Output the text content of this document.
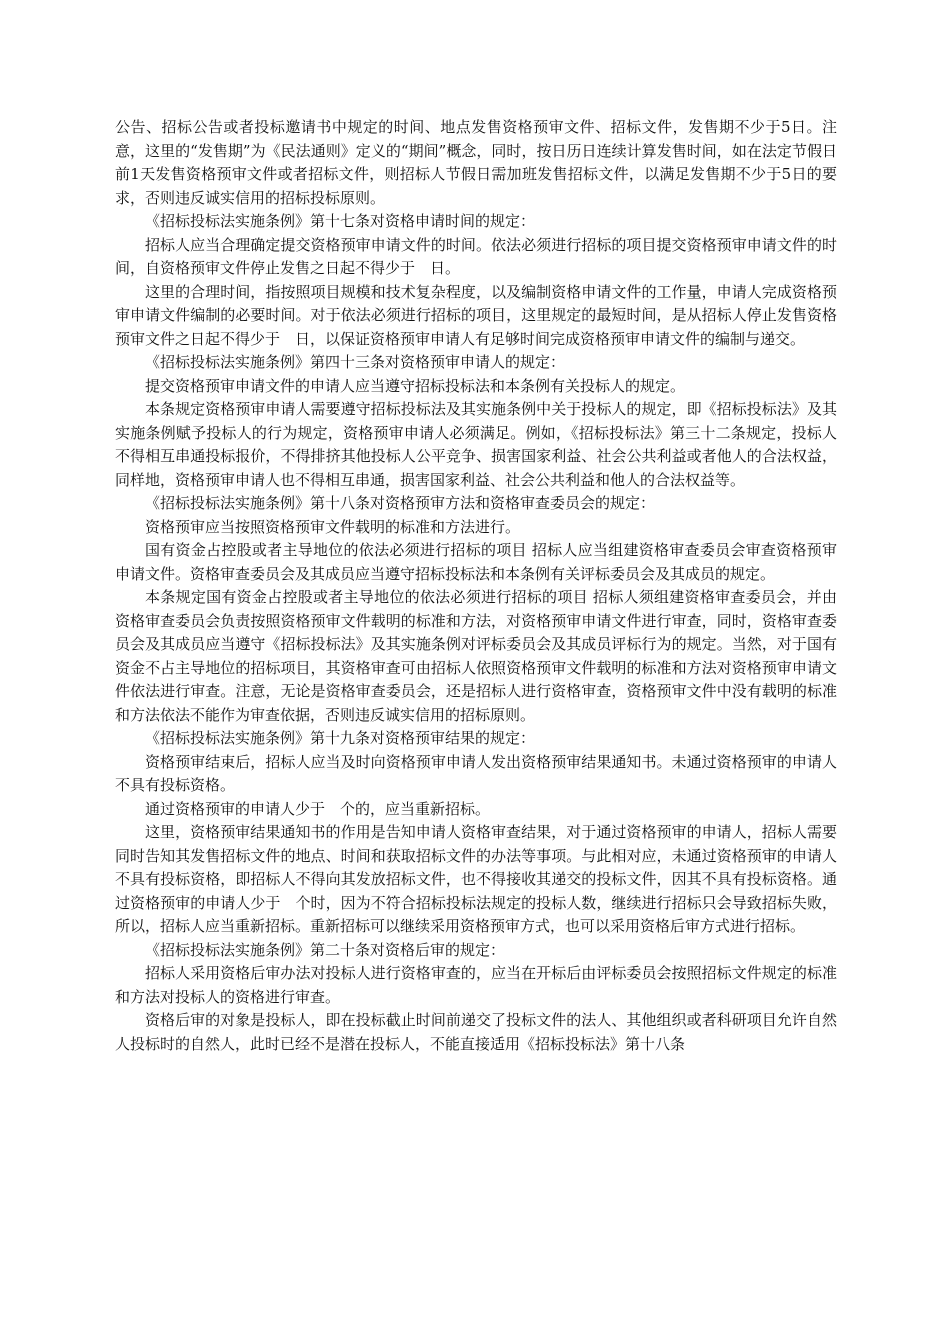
公告、招标公告或者投标邀请书中规定的时间、地点发售资格预审文件、招标文件，发售期不少于5日。注意，这里的“发售期”为《民法通则》定义的“期间”概念，同时，按日历日连续计算发售时间，如在法定节假日前1天发售资格预审文件或者招标文件，则招标人节假日需加班发售招标文件，以满足发售期不少于5日的要求，否则违反诚实信用的招标投标原则。

《招标投标法实施条例》第十七条对资格申请时间的规定：

招标人应当合理确定提交资格预审申请文件的时间。依法必须进行招标的项目提交资格预审申请文件的时间，自资格预审文件停止发售之日起不得少于　日。

这里的合理时间，指按照项目规模和技术复杂程度，以及编制资格申请文件的工作量，申请人完成资格预审申请文件编制的必要时间。对于依法必须进行招标的项目，这里规定的最短时间，是从招标人停止发售资格预审文件之日起不得少于　日，以保证资格预审申请人有足够时间完成资格预审申请文件的编制与递交。

《招标投标法实施条例》第四十三条对资格预审申请人的规定：

提交资格预审申请文件的申请人应当遵守招标投标法和本条例有关投标人的规定。

本条规定资格预审申请人需要遵守招标投标法及其实施条例中关于投标人的规定，即《招标投标法》及其实施条例赋予投标人的行为规定，资格预审申请人必须满足。例如，《招标投标法》第三十二条规定，投标人不得相互串通投标报价，不得排挤其他投标人公平竞争、损害国家利益、社会公共利益或者他人的合法权益，同样地，资格预审申请人也不得相互串通，损害国家利益、社会公共利益和他人的合法权益等。

《招标投标法实施条例》第十八条对资格预审方法和资格审查委员会的规定：

资格预审应当按照资格预审文件载明的标准和方法进行。

国有资金占控股或者主导地位的依法必须进行招标的项目 招标人应当组建资格审查委员会审查资格预审申请文件。资格审查委员会及其成员应当遵守招标投标法和本条例有关评标委员会及其成员的规定。

本条规定国有资金占控股或者主导地位的依法必须进行招标的项目 招标人须组建资格审查委员会，并由资格审查委员会负责按照资格预审文件载明的标准和方法，对资格预审申请文件进行审查，同时，资格审查委员会及其成员应当遵守《招标投标法》及其实施条例对评标委员会及其成员评标行为的规定。当然，对于国有资金不占主导地位的招标项目，其资格审查可由招标人依照资格预审文件载明的标准和方法对资格预审申请文件依法进行审查。注意，无论是资格审查委员会，还是招标人进行资格审查，资格预审文件中没有载明的标准和方法依法不能作为审查依据，否则违反诚实信用的招标原则。

《招标投标法实施条例》第十九条对资格预审结果的规定：

资格预审结束后，招标人应当及时向资格预审申请人发出资格预审结果通知书。未通过资格预审的申请人不具有投标资格。

通过资格预审的申请人少于　个的，应当重新招标。

这里，资格预审结果通知书的作用是告知申请人资格审查结果，对于通过资格预审的申请人，招标人需要同时告知其发售招标文件的地点、时间和获取招标文件的办法等事项。与此相对应，未通过资格预审的申请人不具有投标资格，即招标人不得向其发放招标文件，也不得接收其递交的投标文件，因其不具有投标资格。通过资格预审的申请人少于　个时，因为不符合招标投标法规定的投标人数，继续进行招标只会导致招标失败，所以，招标人应当重新招标。重新招标可以继续采用资格预审方式，也可以采用资格后审方式进行招标。

《招标投标法实施条例》第二十条对资格后审的规定：

招标人采用资格后审办法对投标人进行资格审查的，应当在开标后由评标委员会按照招标文件规定的标准和方法对投标人的资格进行审查。

资格后审的对象是投标人，即在投标截止时间前递交了投标文件的法人、其他组织或者科研项目允许自然人投标时的自然人，此时已经不是潜在投标人，不能直接适用《招标投标法》第十八条
